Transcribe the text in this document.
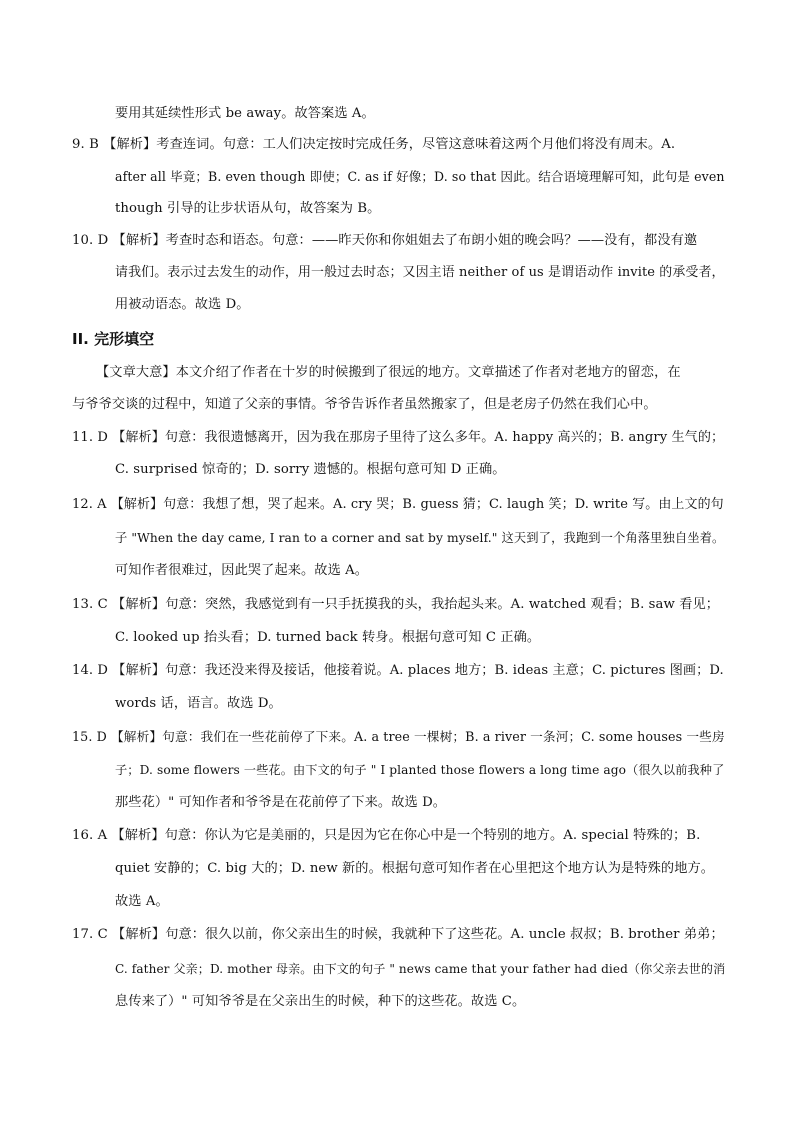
要用其延续性形式 be away。故答案选 A。
9. B 【解析】考查连词。句意：工人们决定按时完成任务，尽管这意味着这两个月他们将没有周末。A.
after all 毕竟；B. even though 即使；C. as if 好像；D. so that 因此。结合语境理解可知，此句是 even
though 引导的让步状语从句，故答案为 B。
10. D 【解析】考查时态和语态。句意：——昨天你和你姐姐去了布朗小姐的晚会吗？——没有，都没有邀
请我们。表示过去发生的动作，用一般过去时态；又因主语 neither of us 是谓语动作 invite 的承受者，
用被动语态。故选 D。
II. 完形填空
【文章大意】本文介绍了作者在十岁的时候搬到了很远的地方。文章描述了作者对老地方的留恋，在
与爷爷交谈的过程中，知道了父亲的事情。爷爷告诉作者虽然搬家了，但是老房子仍然在我们心中。
11. D 【解析】句意：我很遗憾离开，因为我在那房子里待了这么多年。A. happy 高兴的；B. angry 生气的；
C. surprised 惊奇的；D. sorry 遗憾的。根据句意可知 D 正确。
12. A 【解析】句意：我想了想，哭了起来。A. cry 哭；B. guess 猜；C. laugh 笑；D. write 写。由上文的句
子 "When the day came, I ran to a corner and sat by myself." 这天到了，我跑到一个角落里独自坐着。
可知作者很难过，因此哭了起来。故选 A。
13. C 【解析】句意：突然，我感觉到有一只手抚摸我的头，我抬起头来。A. watched 观看；B. saw 看见；
C. looked up 抬头看；D. turned back 转身。根据句意可知 C 正确。
14. D 【解析】句意：我还没来得及接话，他接着说。A. places 地方；B. ideas 主意；C. pictures 图画；D.
words 话，语言。故选 D。
15. D 【解析】句意：我们在一些花前停了下来。A. a tree 一棵树；B. a river 一条河；C. some houses 一些房
子；D. some flowers 一些花。由下文的句子 " I planted those flowers a long time ago（很久以前我种了
那些花）" 可知作者和爷爷是在花前停了下来。故选 D。
16. A 【解析】句意：你认为它是美丽的，只是因为它在你心中是一个特别的地方。A. special 特殊的；B.
quiet 安静的；C. big 大的；D. new 新的。根据句意可知作者在心里把这个地方认为是特殊的地方。
故选 A。
17. C 【解析】句意：很久以前，你父亲出生的时候，我就种下了这些花。A. uncle 叔叔；B. brother 弟弟；
C. father 父亲；D. mother 母亲。由下文的句子 " news came that your father had died（你父亲去世的消
息传来了）" 可知爷爷是在父亲出生的时候，种下的这些花。故选 C。
